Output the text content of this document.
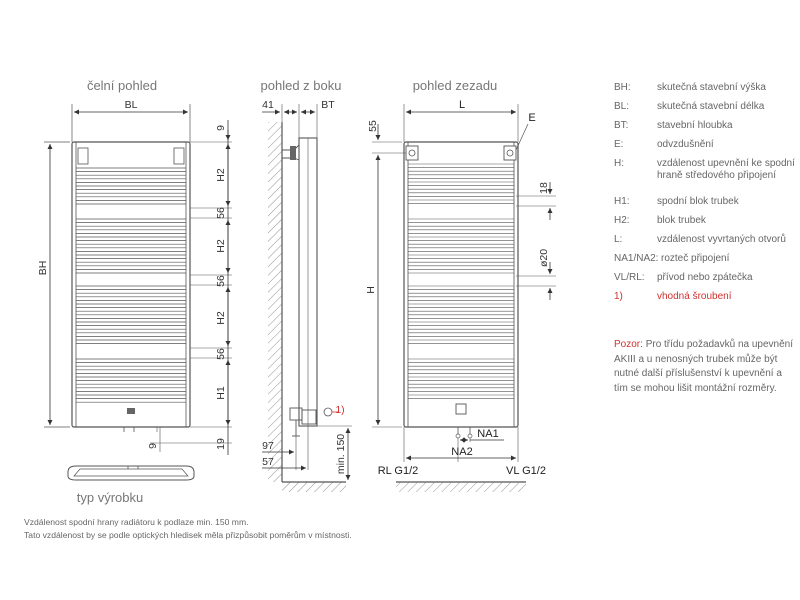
čelní pohled	pohled z boku	pohled zezadu
typ výrobku
BL
BH
9
H2
56
H2
56
H2
56
H1
19
9
41	BT
97
57	min. 150
1)
55
L
E
H
18
ø20
NA1
NA2
RL G1/2	VL G1/2
BH:	skutečná stavební výška
BL:	skutečná stavební délka
BT:	stavební hloubka
E:	odvzdušnění
H:	vzdálenost upevnění ke spodní hraně středového připojení
H1:	spodní blok trubek
H2:	blok trubek
L:	vzdálenost vyvrtaných otvorů
NA1/NA2: rozteč připojení
VL/RL: přívod nebo zpátečka
1)	vhodná šroubení
Pozor: Pro třídu požadavků na upevnění AKIII a u nenosných trubek může být nutné další příslušenství k upevnění a tím se mohou lišit montážní rozměry.
Vzdálenost spodní hrany radiátoru k podlaze min. 150 mm.
Tato vzdálenost by se podle optických hledisek měla přizpůsobit poměrům v místnosti.
